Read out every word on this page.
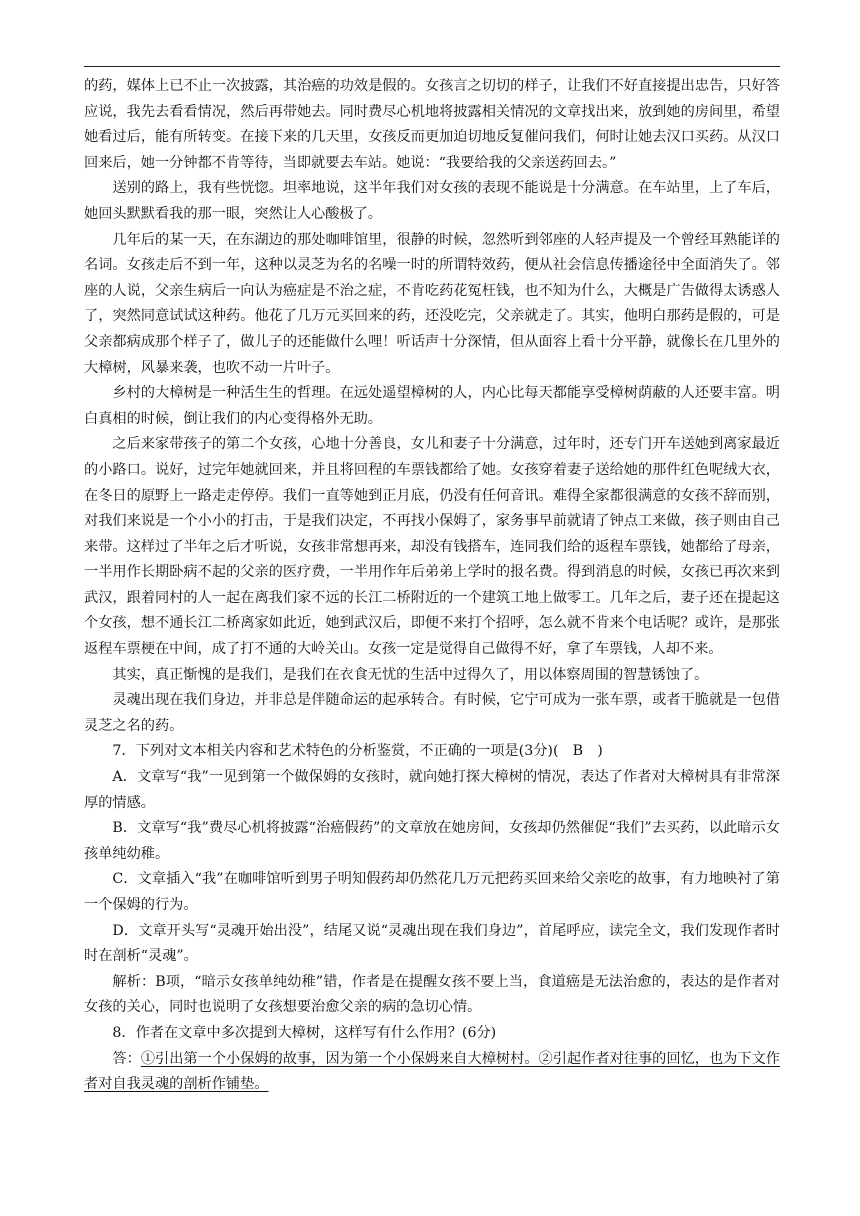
的药，媒体上已不止一次披露，其治癌的功效是假的。女孩言之切切的样子，让我们不好直接提出忠告，只好答应说，我先去看看情况，然后再带她去。同时费尽心机地将披露相关情况的文章找出来，放到她的房间里，希望她看过后，能有所转变。在接下来的几天里，女孩反而更加迫切地反复催问我们，何时让她去汉口买药。从汉口回来后，她一分钟都不肯等待，当即就要去车站。她说：“我要给我的父亲送药回去。”

送别的路上，我有些恍惚。坦率地说，这半年我们对女孩的表现不能说是十分满意。在车站里，上了车后，她回头默默看我的那一眼，突然让人心酸极了。

几年后的某一天，在东湖边的那处咖啡馆里，很静的时候，忽然听到邻座的人轻声提及一个曾经耳熟能详的名词。女孩走后不到一年，这种以灵芝为名的名噪一时的所谓特效药，便从社会信息传播途径中全面消失了。邻座的人说，父亲生病后一向认为癌症是不治之症，不肯吃药花冤枉钱，也不知为什么，大概是广告做得太诱惑人了，突然同意试试这种药。他花了几万元买回来的药，还没吃完，父亲就走了。其实，他明白那药是假的，可是父亲都病成那个样子了，做儿子的还能做什么哩！听话声十分深情，但从面容上看十分平静，就像长在几里外的大樟树，风暴来袭，也吹不动一片叶子。

乡村的大樟树是一种活生生的哲理。在远处遥望樟树的人，内心比每天都能享受樟树荫蔽的人还要丰富。明白真相的时候，倒让我们的内心变得格外无助。

之后来家带孩子的第二个女孩，心地十分善良，女儿和妻子十分满意，过年时，还专门开车送她到离家最近的小路口。说好，过完年她就回来，并且将回程的车票钱都给了她。女孩穿着妻子送给她的那件红色呢绒大衣，在冬日的原野上一路走走停停。我们一直等她到正月底，仍没有任何音讯。难得全家都很满意的女孩不辞而别，对我们来说是一个小小的打击，于是我们决定，不再找小保姆了，家务事早前就请了钟点工来做，孩子则由自己来带。这样过了半年之后才听说，女孩非常想再来，却没有钱搭车，连同我们给的返程车票钱，她都给了母亲，一半用作长期卧病不起的父亲的医疗费，一半用作年后弟弟上学时的报名费。得到消息的时候，女孩已再次来到武汉，跟着同村的人一起在离我们家不远的长江二桥附近的一个建筑工地上做零工。几年之后，妻子还在提起这个女孩，想不通长江二桥离家如此近，她到武汉后，即便不来打个招呼，怎么就不肯来个电话呢？或许，是那张返程车票梗在中间，成了打不通的大岭关山。女孩一定是觉得自己做得不好，拿了车票钱，人却不来。

其实，真正惭愧的是我们，是我们在衣食无忧的生活中过得久了，用以体察周围的智慧锈蚀了。

灵魂出现在我们身边，并非总是伴随命运的起承转合。有时候，它宁可成为一张车票，或者干脆就是一包借灵芝之名的药。

7．下列对文本相关内容和艺术特色的分析鉴赏，不正确的一项是(3分)(　B　)

A．文章写“我”一见到第一个做保姆的女孩时，就向她打探大樟树的情况，表达了作者对大樟树具有非常深厚的情感。

B．文章写“我”费尽心机将披露“治癌假药”的文章放在她房间，女孩却仍然催促“我们”去买药，以此暗示女孩单纯幼稚。

C．文章插入“我”在咖啡馆听到男子明知假药却仍然花几万元把药买回来给父亲吃的故事，有力地映衬了第一个保姆的行为。

D．文章开头写“灵魂开始出没”，结尾又说“灵魂出现在我们身边”，首尾呼应，读完全文，我们发现作者时时在剖析“灵魂”。

解析：B项，“暗示女孩单纯幼稚”错，作者是在提醒女孩不要上当，食道癌是无法治愈的，表达的是作者对女孩的关心，同时也说明了女孩想要治愈父亲的病的急切心情。

8．作者在文章中多次提到大樟树，这样写有什么作用？(6分)

答：①引出第一个小保姆的故事，因为第一个小保姆来自大樟树村。②引起作者对往事的回忆，也为下文作者对自我灵魂的剖析作铺垫。
